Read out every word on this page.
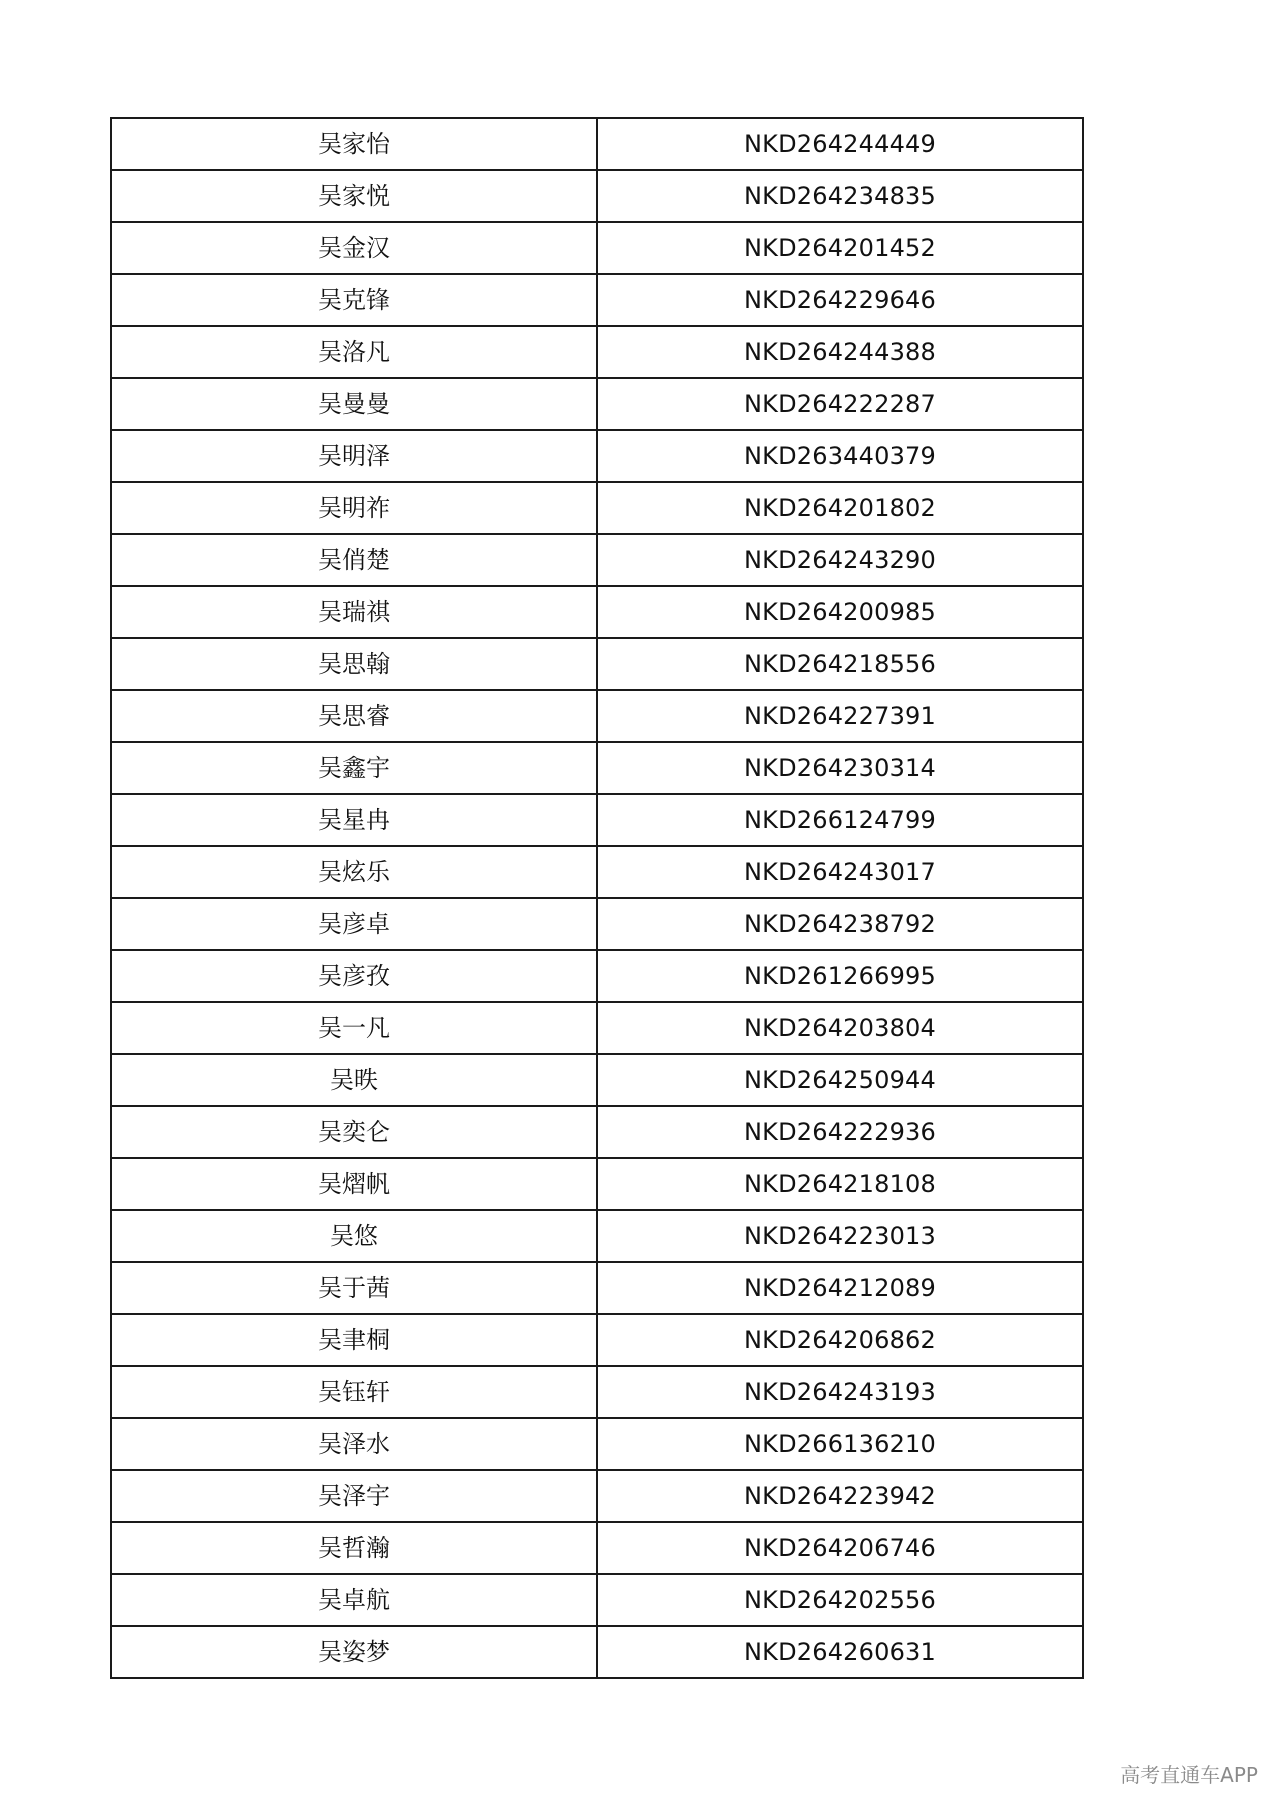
吴家怡	NKD264244449
吴家悦	NKD264234835
吴金汉	NKD264201452
吴克锋	NKD264229646
吴洛凡	NKD264244388
吴曼曼	NKD264222287
吴明泽	NKD263440379
吴明祚	NKD264201802
吴俏楚	NKD264243290
吴瑞祺	NKD264200985
吴思翰	NKD264218556
吴思睿	NKD264227391
吴鑫宇	NKD264230314
吴星冉	NKD266124799
吴炫乐	NKD264243017
吴彦卓	NKD264238792
吴彦孜	NKD261266995
吴一凡	NKD264203804
吴昳	NKD264250944
吴奕仑	NKD264222936
吴熠帆	NKD264218108
吴悠	NKD264223013
吴于茜	NKD264212089
吴聿桐	NKD264206862
吴钰轩	NKD264243193
吴泽水	NKD266136210
吴泽宇	NKD264223942
吴哲瀚	NKD264206746
吴卓航	NKD264202556
吴姿梦	NKD264260631
高考直通车APP
